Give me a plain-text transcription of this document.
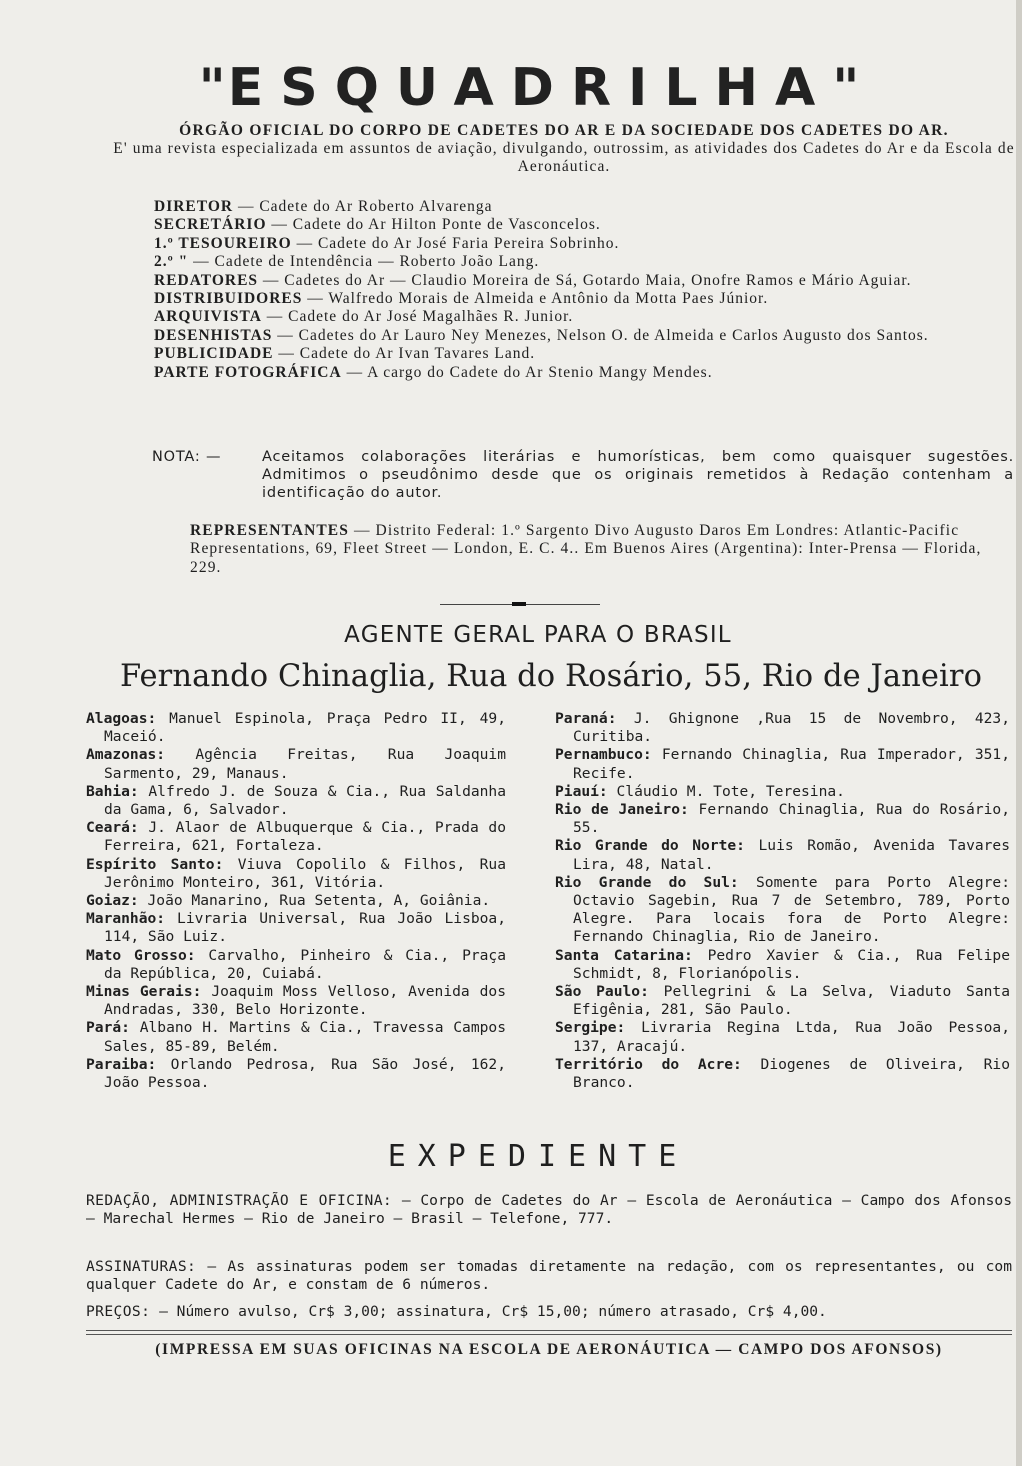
"ESQUADRILHA"
ÓRGÃO OFICIAL DO CORPO DE CADETES DO AR E DA SOCIEDADE DOS CADETES DO AR.
E' uma revista especializada em assuntos de aviação, divulgando, outrossim, as atividades dos Cadetes do Ar e da Escola de Aeronáutica.
DIRETOR — Cadete do Ar Roberto Alvarenga
SECRETÁRIO — Cadete do Ar Hilton Ponte de Vasconcelos.
1.º TESOUREIRO — Cadete do Ar José Faria Pereira Sobrinho.
2.º " — Cadete de Intendência — Roberto João Lang.
REDATORES — Cadetes do Ar — Claudio Moreira de Sá, Gotardo Maia, Onofre Ramos e Mário Aguiar.
DISTRIBUIDORES — Walfredo Morais de Almeida e Antônio da Motta Paes Júnior.
ARQUIVISTA — Cadete do Ar José Magalhães R. Junior.
DESENHISTAS — Cadetes do Ar Lauro Ney Menezes, Nelson O. de Almeida e Carlos Augusto dos Santos.
PUBLICIDADE — Cadete do Ar Ivan Tavares Land.
PARTE FOTOGRÁFICA — A cargo do Cadete do Ar Stenio Mangy Mendes.
NOTA: —	Aceitamos colaborações literárias e humorísticas, bem como quaisquer sugestões. Admitimos o pseudônimo desde que os originais remetidos à Redação contenham a identificação do autor.
REPRESENTANTES — Distrito Federal: 1.º Sargento Divo Augusto Daros Em Londres: Atlantic-Pacific Representations, 69, Fleet Street — London, E. C. 4.. Em Buenos Aires (Argentina): Inter-Prensa — Florida, 229.
AGENTE GERAL PARA O BRASIL
Fernando Chinaglia, Rua do Rosário, 55, Rio de Janeiro

Alagoas: Manuel Espinola, Praça Pedro II, 49, Maceió.

Amazonas: Agência Freitas, Rua Joaquim Sarmento, 29, Manaus.

Bahia: Alfredo J. de Souza & Cia., Rua Saldanha da Gama, 6, Salvador.

Ceará: J. Alaor de Albuquerque & Cia., Prada do Ferreira, 621, Fortaleza.

Espírito Santo: Viuva Copolilo & Filhos, Rua Jerônimo Monteiro, 361, Vitória.

Goiaz: João Manarino, Rua Setenta, A, Goiânia.

Maranhão: Livraria Universal, Rua João Lisboa, 114, São Luiz.

Mato Grosso: Carvalho, Pinheiro & Cia., Praça da República, 20, Cuiabá.

Minas Gerais: Joaquim Moss Velloso, Avenida dos Andradas, 330, Belo Horizonte.

Pará: Albano H. Martins & Cia., Travessa Campos Sales, 85-89, Belém.

Paraiba: Orlando Pedrosa, Rua São José, 162, João Pessoa.

Paraná: J. Ghignone ,Rua 15 de Novembro, 423, Curitiba.

Pernambuco: Fernando Chinaglia, Rua Imperador, 351, Recife.

Piauí: Cláudio M. Tote, Teresina.

Rio de Janeiro: Fernando Chinaglia, Rua do Rosário, 55.

Rio Grande do Norte: Luis Romão, Avenida Tavares Lira, 48, Natal.

Rio Grande do Sul: Somente para Porto Alegre: Octavio Sagebin, Rua 7 de Setembro, 789, Porto Alegre. Para locais fora de Porto Alegre: Fernando Chinaglia, Rio de Janeiro.

Santa Catarina: Pedro Xavier & Cia., Rua Felipe Schmidt, 8, Florianópolis.

São Paulo: Pellegrini & La Selva, Viaduto Santa Efigênia, 281, São Paulo.

Sergipe: Livraria Regina Ltda, Rua João Pessoa, 137, Aracajú.

Território do Acre: Diogenes de Oliveira, Rio Branco.

EXPEDIENTE
REDAÇÃO, ADMINISTRAÇÃO E OFICINA: — Corpo de Cadetes do Ar — Escola de Aeronáutica — Campo dos Afonsos — Marechal Hermes — Rio de Janeiro — Brasil — Telefone, 777.
ASSINATURAS: — As assinaturas podem ser tomadas diretamente na redação, com os representantes, ou com qualquer Cadete do Ar, e constam de 6 números.
PREÇOS: — Número avulso, Cr$ 3,00; assinatura, Cr$ 15,00; número atrasado, Cr$ 4,00.
(IMPRESSA EM SUAS OFICINAS NA ESCOLA DE AERONÁUTICA — CAMPO DOS AFONSOS)
